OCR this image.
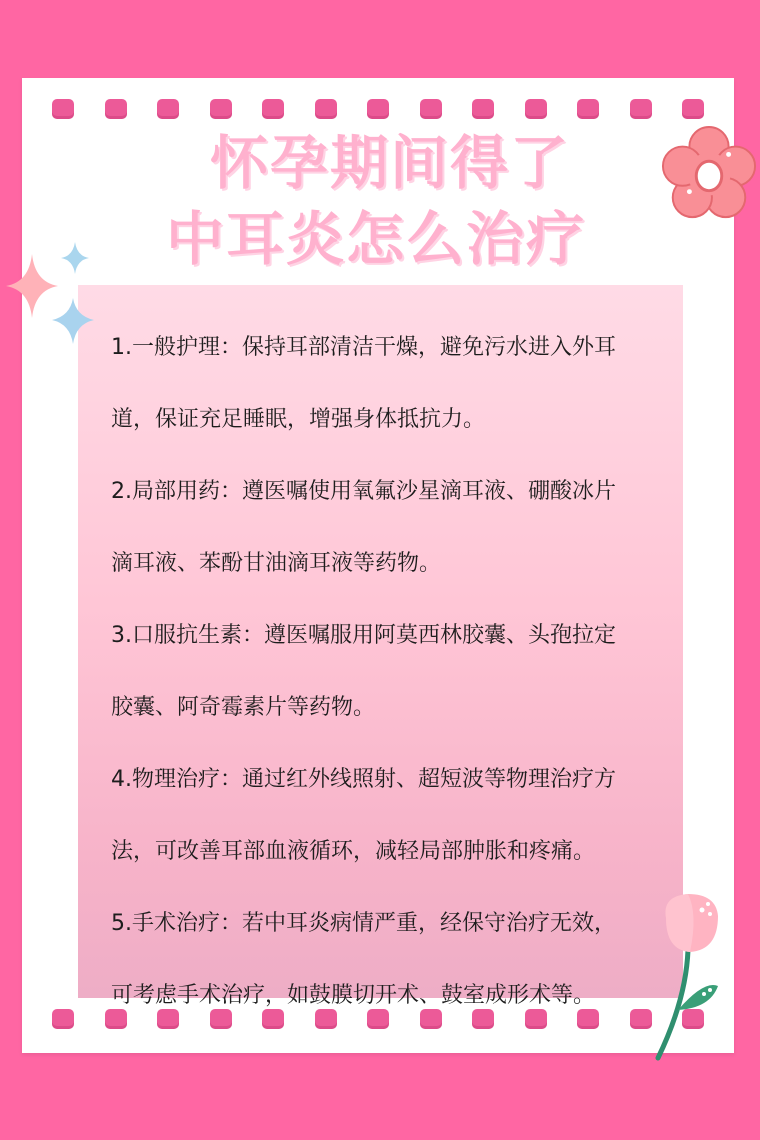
怀孕期间得了
中耳炎怎么治疗

1.一般护理：保持耳部清洁干燥，避免污水进入外耳

道，保证充足睡眠，增强身体抵抗力。

2.局部用药：遵医嘱使用氧氟沙星滴耳液、硼酸冰片

滴耳液、苯酚甘油滴耳液等药物。

3.口服抗生素：遵医嘱服用阿莫西林胶囊、头孢拉定

胶囊、阿奇霉素片等药物。

4.物理治疗：通过红外线照射、超短波等物理治疗方

法，可改善耳部血液循环，减轻局部肿胀和疼痛。

5.手术治疗：若中耳炎病情严重，经保守治疗无效，

可考虑手术治疗，如鼓膜切开术、鼓室成形术等。
